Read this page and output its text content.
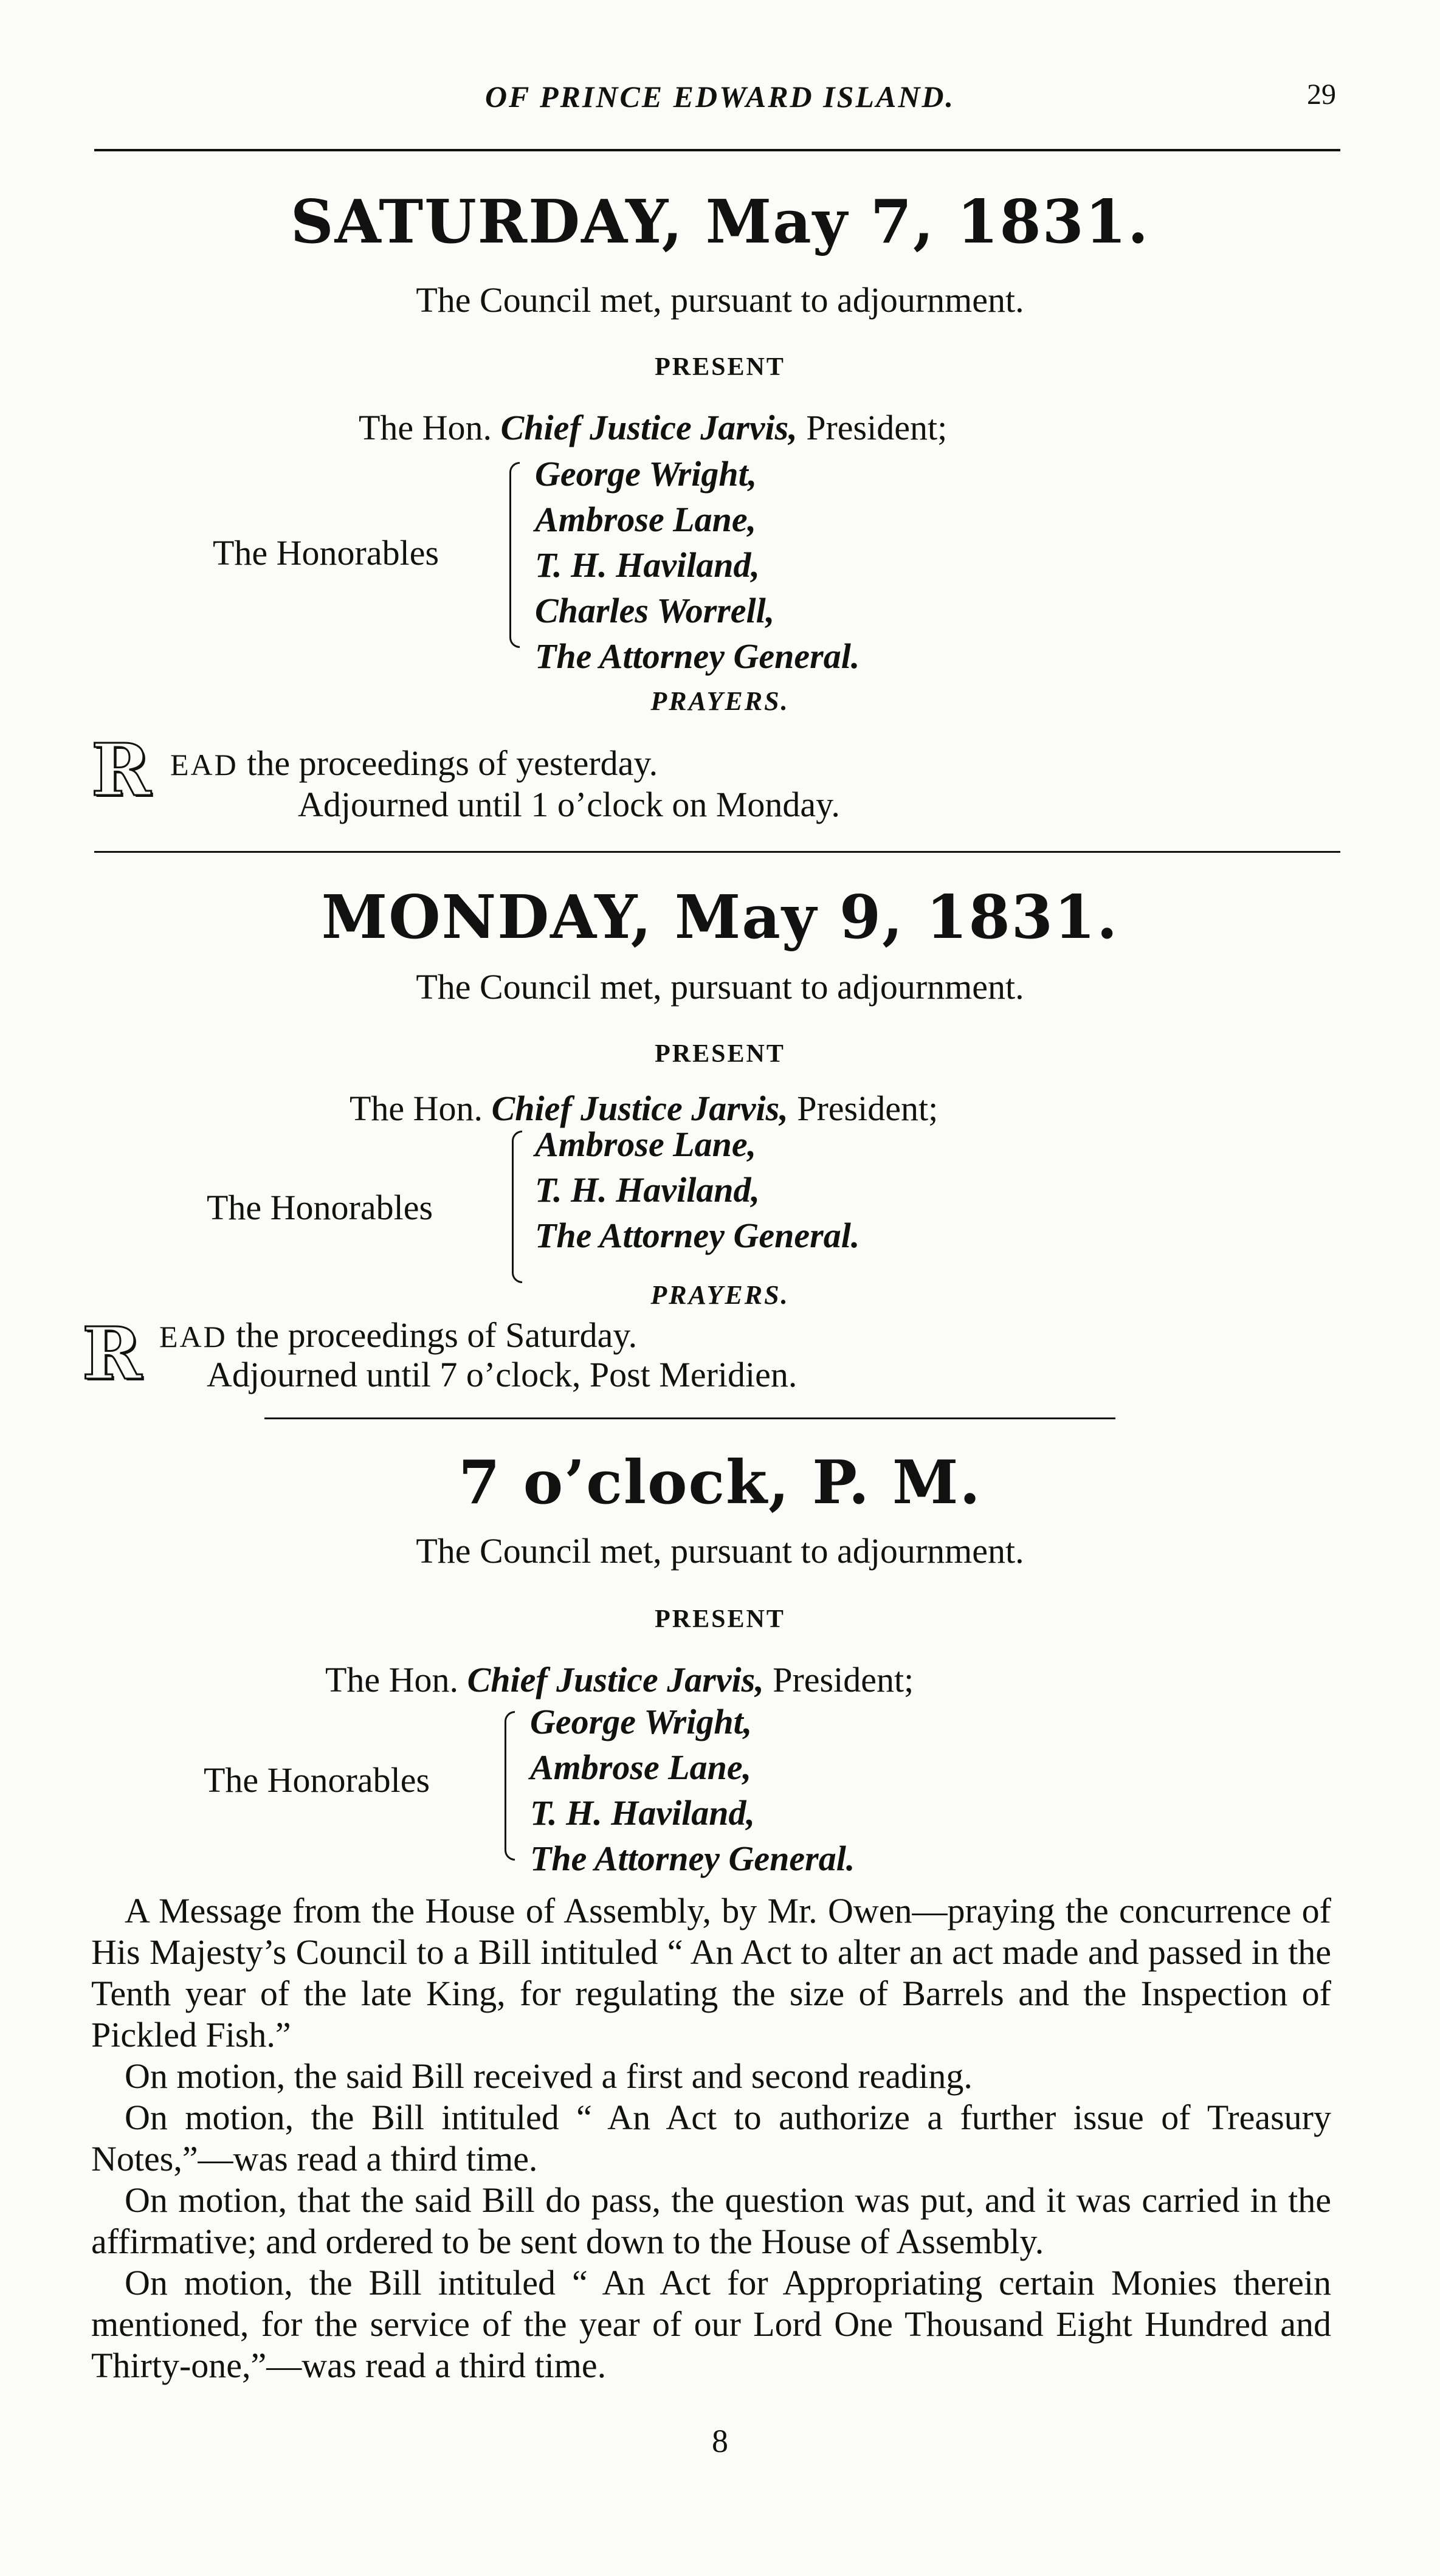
OF PRINCE EDWARD ISLAND.	29
SATURDAY, May 7, 1831.
The Council met, pursuant to adjournment.
PRESENT
The Hon. Chief Justice Jarvis, President;
The Honorables
George Wright,
Ambrose Lane,
T. H. Haviland,
Charles Worrell,
The Attorney General.
PRAYERS.
R EAD the proceedings of yesterday.
Adjourned until 1 o’clock on Monday.
MONDAY, May 9, 1831.
The Council met, pursuant to adjournment.
PRESENT
The Hon. Chief Justice Jarvis, President;
The Honorables
Ambrose Lane,
T. H. Haviland,
The Attorney General.
PRAYERS.
R EAD the proceedings of Saturday.
Adjourned until 7 o’clock, Post Meridien.
7 o’clock, P. M.
The Council met, pursuant to adjournment.
PRESENT
The Hon. Chief Justice Jarvis, President;
The Honorables
George Wright,
Ambrose Lane,
T. H. Haviland,
The Attorney General.

A Message from the House of Assembly, by Mr. Owen—praying the concurrence of His Majesty’s Council to a Bill intituled “ An Act to alter an act made and passed in the Tenth year of the late King, for regulating the size of Barrels and the Inspection of Pickled Fish.”

On motion, the said Bill received a first and second reading.

On motion, the Bill intituled “ An Act to authorize a further issue of Treasury Notes,”—was read a third time.

On motion, that the said Bill do pass, the question was put, and it was carried in the affirmative; and ordered to be sent down to the House of Assembly.

On motion, the Bill intituled “ An Act for Appropriating certain Monies therein mentioned, for the service of the year of our Lord One Thousand Eight Hundred and Thirty-one,”—was read a third time.

8
